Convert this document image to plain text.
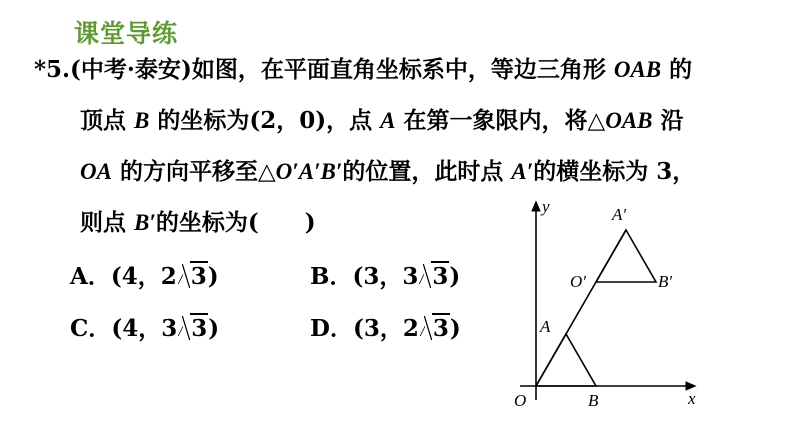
课堂导练
*5.(中考·泰安)如图，在平面直角坐标系中，等边三角形 OAB 的
顶点 B 的坐标为(2，0)，点 A 在第一象限内，将△OAB 沿
OA 的方向平移至△O′A′B′的位置，此时点 A′的横坐标为 3，
则点 B′的坐标为(　　)
A．(4，2 3)	B．(3，3 3)
C．(4，3 3)	D．(3，2 3)
y
x
O	B
A
A′
O′	B′
